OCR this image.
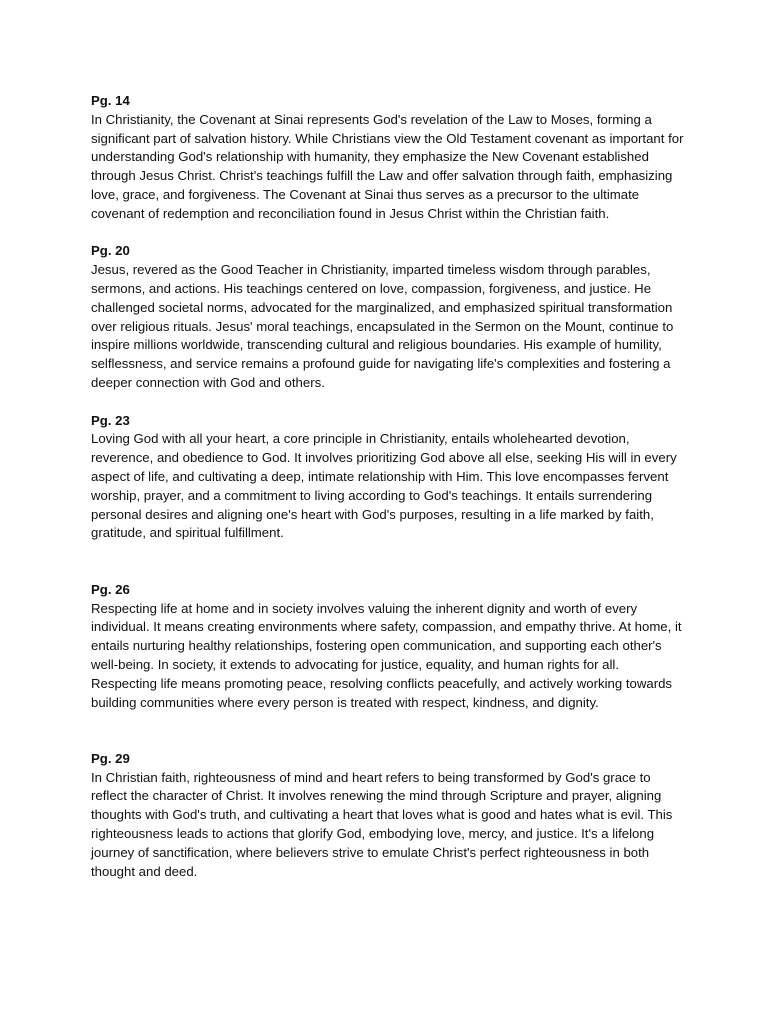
Pg. 14

In Christianity, the Covenant at Sinai represents God's revelation of the Law to Moses, forming a significant part of salvation history. While Christians view the Old Testament covenant as important for understanding God's relationship with humanity, they emphasize the New Covenant established through Jesus Christ. Christ's teachings fulfill the Law and offer salvation through faith, emphasizing love, grace, and forgiveness. The Covenant at Sinai thus serves as a precursor to the ultimate covenant of redemption and reconciliation found in Jesus Christ within the Christian faith.

Pg. 20

Jesus, revered as the Good Teacher in Christianity, imparted timeless wisdom through parables, sermons, and actions. His teachings centered on love, compassion, forgiveness, and justice. He challenged societal norms, advocated for the marginalized, and emphasized spiritual transformation over religious rituals. Jesus' moral teachings, encapsulated in the Sermon on the Mount, continue to inspire millions worldwide, transcending cultural and religious boundaries. His example of humility, selflessness, and service remains a profound guide for navigating life's complexities and fostering a deeper connection with God and others.

Pg. 23

Loving God with all your heart, a core principle in Christianity, entails wholehearted devotion, reverence, and obedience to God. It involves prioritizing God above all else, seeking His will in every aspect of life, and cultivating a deep, intimate relationship with Him. This love encompasses fervent worship, prayer, and a commitment to living according to God's teachings. It entails surrendering personal desires and aligning one's heart with God's purposes, resulting in a life marked by faith, gratitude, and spiritual fulfillment.

Pg. 26

Respecting life at home and in society involves valuing the inherent dignity and worth of every individual. It means creating environments where safety, compassion, and empathy thrive. At home, it entails nurturing healthy relationships, fostering open communication, and supporting each other's well-being. In society, it extends to advocating for justice, equality, and human rights for all. Respecting life means promoting peace, resolving conflicts peacefully, and actively working towards building communities where every person is treated with respect, kindness, and dignity.

Pg. 29

In Christian faith, righteousness of mind and heart refers to being transformed by God's grace to reflect the character of Christ. It involves renewing the mind through Scripture and prayer, aligning thoughts with God's truth, and cultivating a heart that loves what is good and hates what is evil. This righteousness leads to actions that glorify God, embodying love, mercy, and justice. It's a lifelong journey of sanctification, where believers strive to emulate Christ's perfect righteousness in both thought and deed.
